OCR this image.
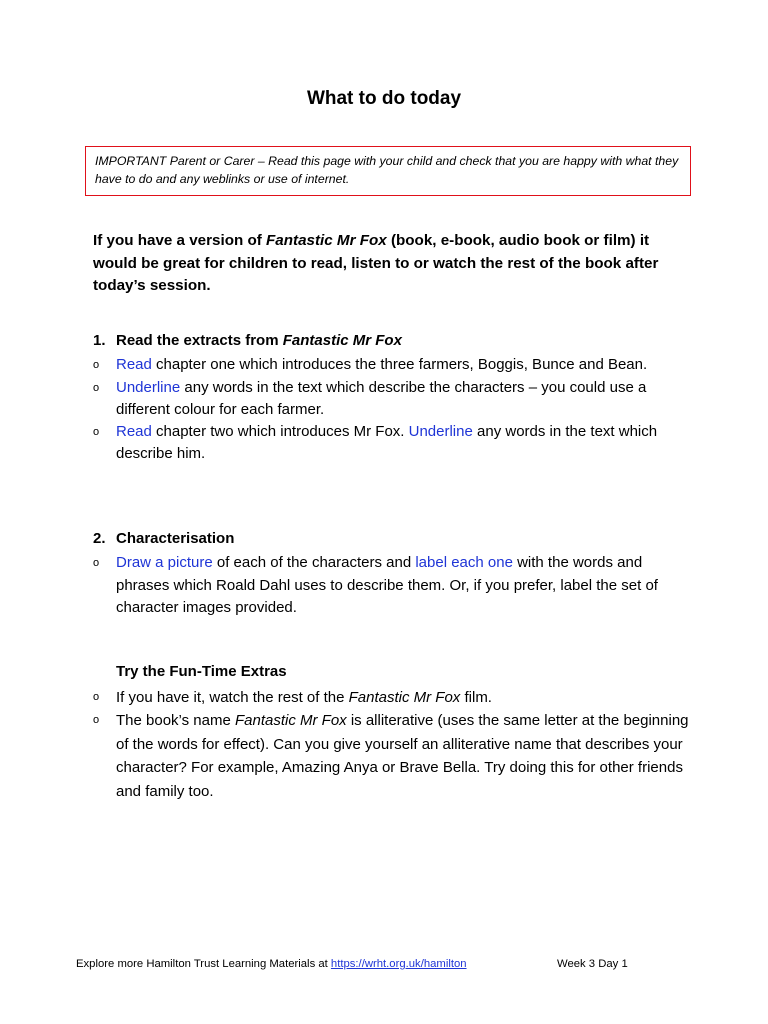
What to do today
IMPORTANT Parent or Carer – Read this page with your child and check that you are happy with what they have to do and any weblinks or use of internet.

If you have a version of Fantastic Mr Fox (book, e-book, audio book or film) it would be great for children to read, listen to or watch the rest of the book after today’s session.

1. Read the extracts from Fantastic Mr Fox

o Read chapter one which introduces the three farmers, Boggis, Bunce and Bean.
o Underline any words in the text which describe the characters – you could use a different colour for each farmer.
o Read chapter two which introduces Mr Fox. Underline any words in the text which describe him.

2. Characterisation

o Draw a picture of each of the characters and label each one with the words and phrases which Roald Dahl uses to describe them. Or, if you prefer, label the set of character images provided.

Try the Fun-Time Extras

o If you have it, watch the rest of the Fantastic Mr Fox film.
o The book’s name Fantastic Mr Fox is alliterative (uses the same letter at the beginning of the words for effect). Can you give yourself an alliterative name that describes your character? For example, Amazing Anya or Brave Bella. Try doing this for other friends and family too.
Explore more Hamilton Trust Learning Materials at https://wrht.org.uk/hamilton	Week 3 Day 1
